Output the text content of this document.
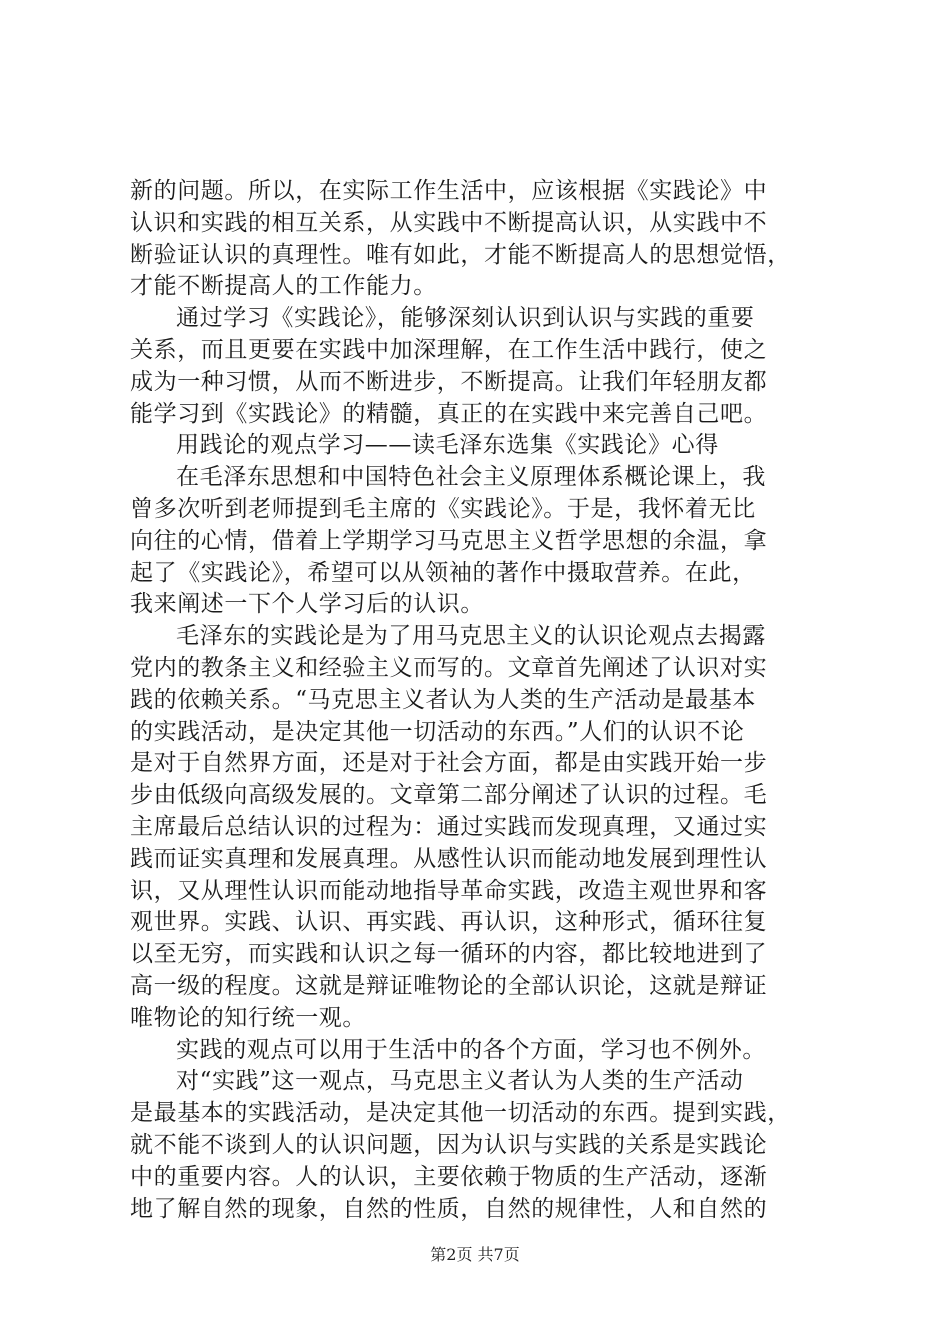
新的问题。所以，在实际工作生活中，应该根据《实践论》中
认识和实践的相互关系，从实践中不断提高认识，从实践中不
断验证认识的真理性。唯有如此，才能不断提高人的思想觉悟，
才能不断提高人的工作能力。
通过学习《实践论》，能够深刻认识到认识与实践的重要
关系，而且更要在实践中加深理解，在工作生活中践行，使之
成为一种习惯，从而不断进步，不断提高。让我们年轻朋友都
能学习到《实践论》的精髓，真正的在实践中来完善自己吧。
用践论的观点学习——读毛泽东选集《实践论》心得
在毛泽东思想和中国特色社会主义原理体系概论课上，我
曾多次听到老师提到毛主席的《实践论》。于是，我怀着无比
向往的心情，借着上学期学习马克思主义哲学思想的余温，拿
起了《实践论》，希望可以从领袖的著作中摄取营养。在此，
我来阐述一下个人学习后的认识。
毛泽东的实践论是为了用马克思主义的认识论观点去揭露
党内的教条主义和经验主义而写的。文章首先阐述了认识对实
践的依赖关系。“马克思主义者认为人类的生产活动是最基本
的实践活动，是决定其他一切活动的东西。”人们的认识不论
是对于自然界方面，还是对于社会方面，都是由实践开始一步
步由低级向高级发展的。文章第二部分阐述了认识的过程。毛
主席最后总结认识的过程为：通过实践而发现真理，又通过实
践而证实真理和发展真理。从感性认识而能动地发展到理性认
识，又从理性认识而能动地指导革命实践，改造主观世界和客
观世界。实践、认识、再实践、再认识，这种形式，循环往复
以至无穷，而实践和认识之每一循环的内容，都比较地进到了
高一级的程度。这就是辩证唯物论的全部认识论，这就是辩证
唯物论的知行统一观。
实践的观点可以用于生活中的各个方面，学习也不例外。
对“实践”这一观点，马克思主义者认为人类的生产活动
是最基本的实践活动，是决定其他一切活动的东西。提到实践，
就不能不谈到人的认识问题，因为认识与实践的关系是实践论
中的重要内容。人的认识，主要依赖于物质的生产活动，逐渐
地了解自然的现象，自然的性质，自然的规律性，人和自然的
第2页 共7页
